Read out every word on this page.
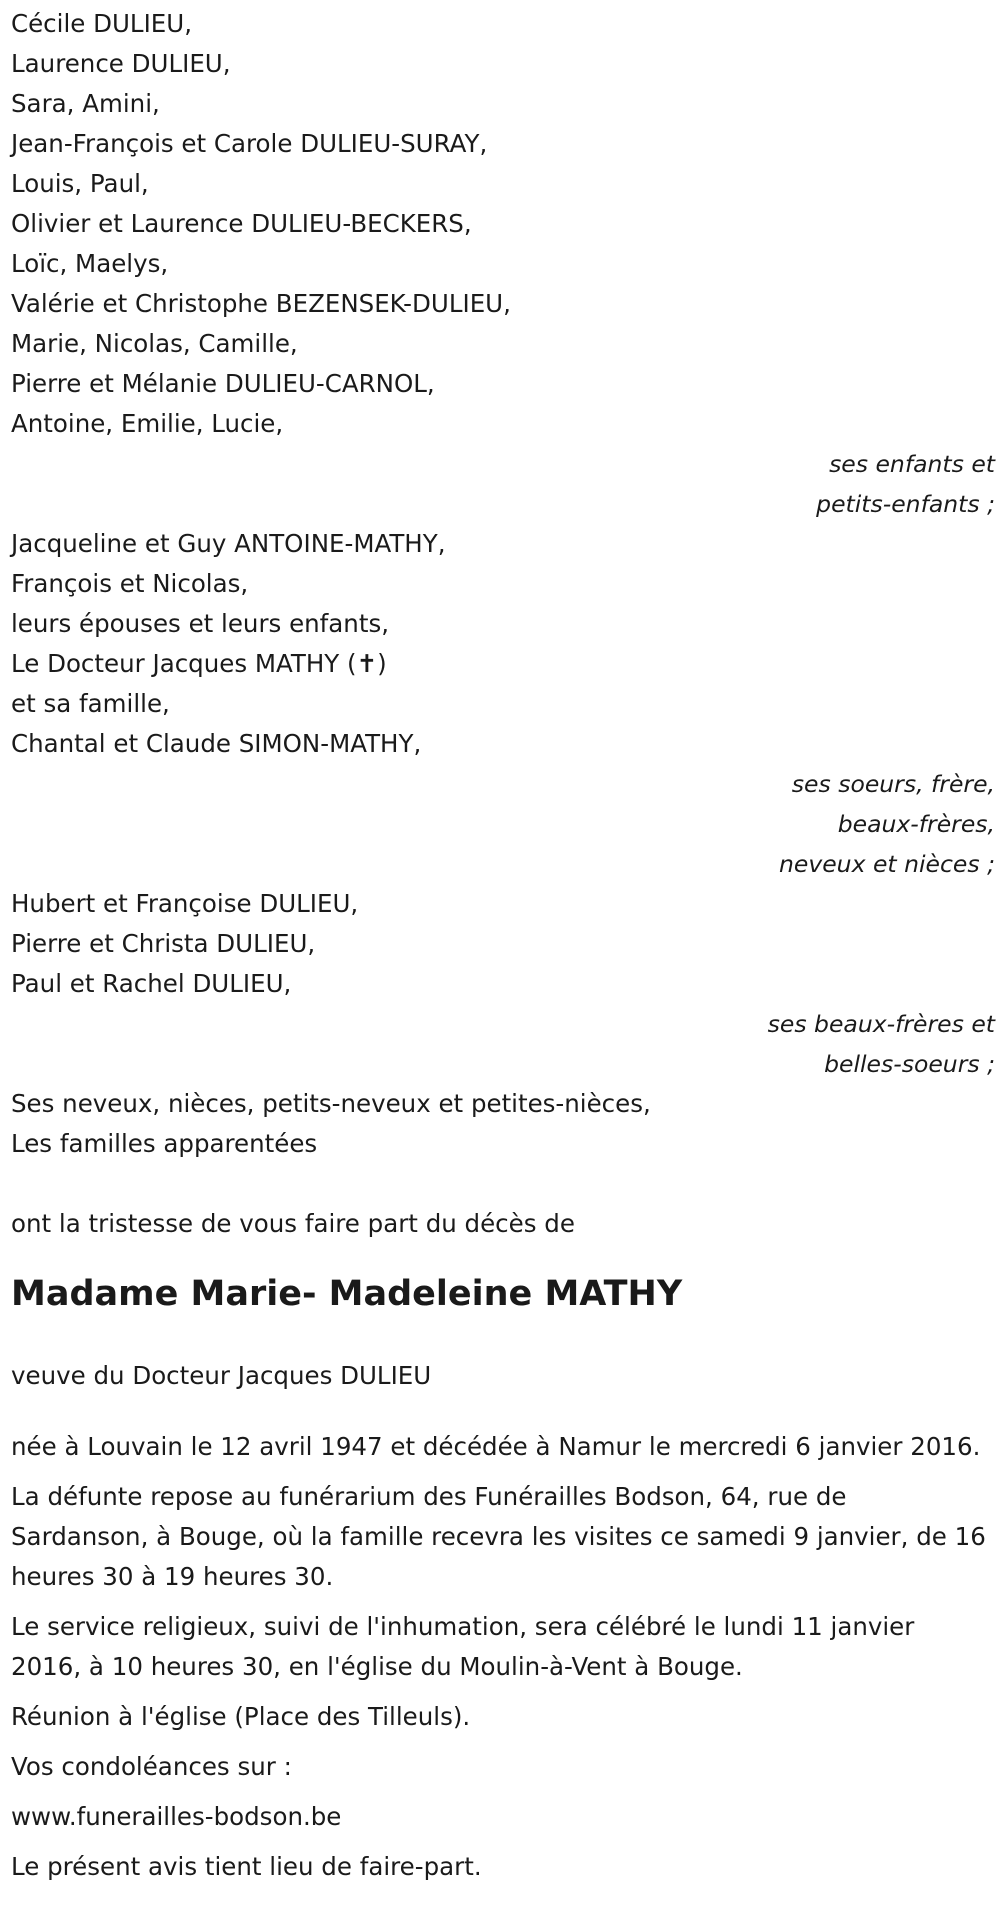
Cécile DULIEU,

Laurence DULIEU,

Sara, Amini,

Jean-François et Carole DULIEU-SURAY,

Louis, Paul,

Olivier et Laurence DULIEU-BECKERS,

Loïc, Maelys,

Valérie et Christophe BEZENSEK-DULIEU,

Marie, Nicolas, Camille,

Pierre et Mélanie DULIEU-CARNOL,

Antoine, Emilie, Lucie,

ses enfants et
petits-enfants ;

Jacqueline et Guy ANTOINE-MATHY,

François et Nicolas,

leurs épouses et leurs enfants,

Le Docteur Jacques MATHY (✝)

et sa famille,

Chantal et Claude SIMON-MATHY,

ses soeurs, frère,
beaux-frères,
neveux et nièces ;

Hubert et Françoise DULIEU,

Pierre et Christa DULIEU,

Paul et Rachel DULIEU,

ses beaux-frères et
belles-soeurs ;

Ses neveux, nièces, petits-neveux et petites-nièces,

Les familles apparentées

ont la tristesse de vous faire part du décès de

Madame Marie- Madeleine MATHY

veuve du Docteur Jacques DULIEU

née à Louvain le 12 avril 1947 et décédée à Namur le mercredi 6 janvier 2016.

La défunte repose au funérarium des Funérailles Bodson, 64, rue de Sardanson, à Bouge, où la famille recevra les visites ce samedi 9 janvier, de 16 heures 30 à 19 heures 30.

Le service religieux, suivi de l'inhumation, sera célébré le lundi 11 janvier 2016, à 10 heures 30, en l'église du Moulin-à-Vent à Bouge.

Réunion à l'église (Place des Tilleuls).

Vos condoléances sur :

www.funerailles-bodson.be

Le présent avis tient lieu de faire-part.
